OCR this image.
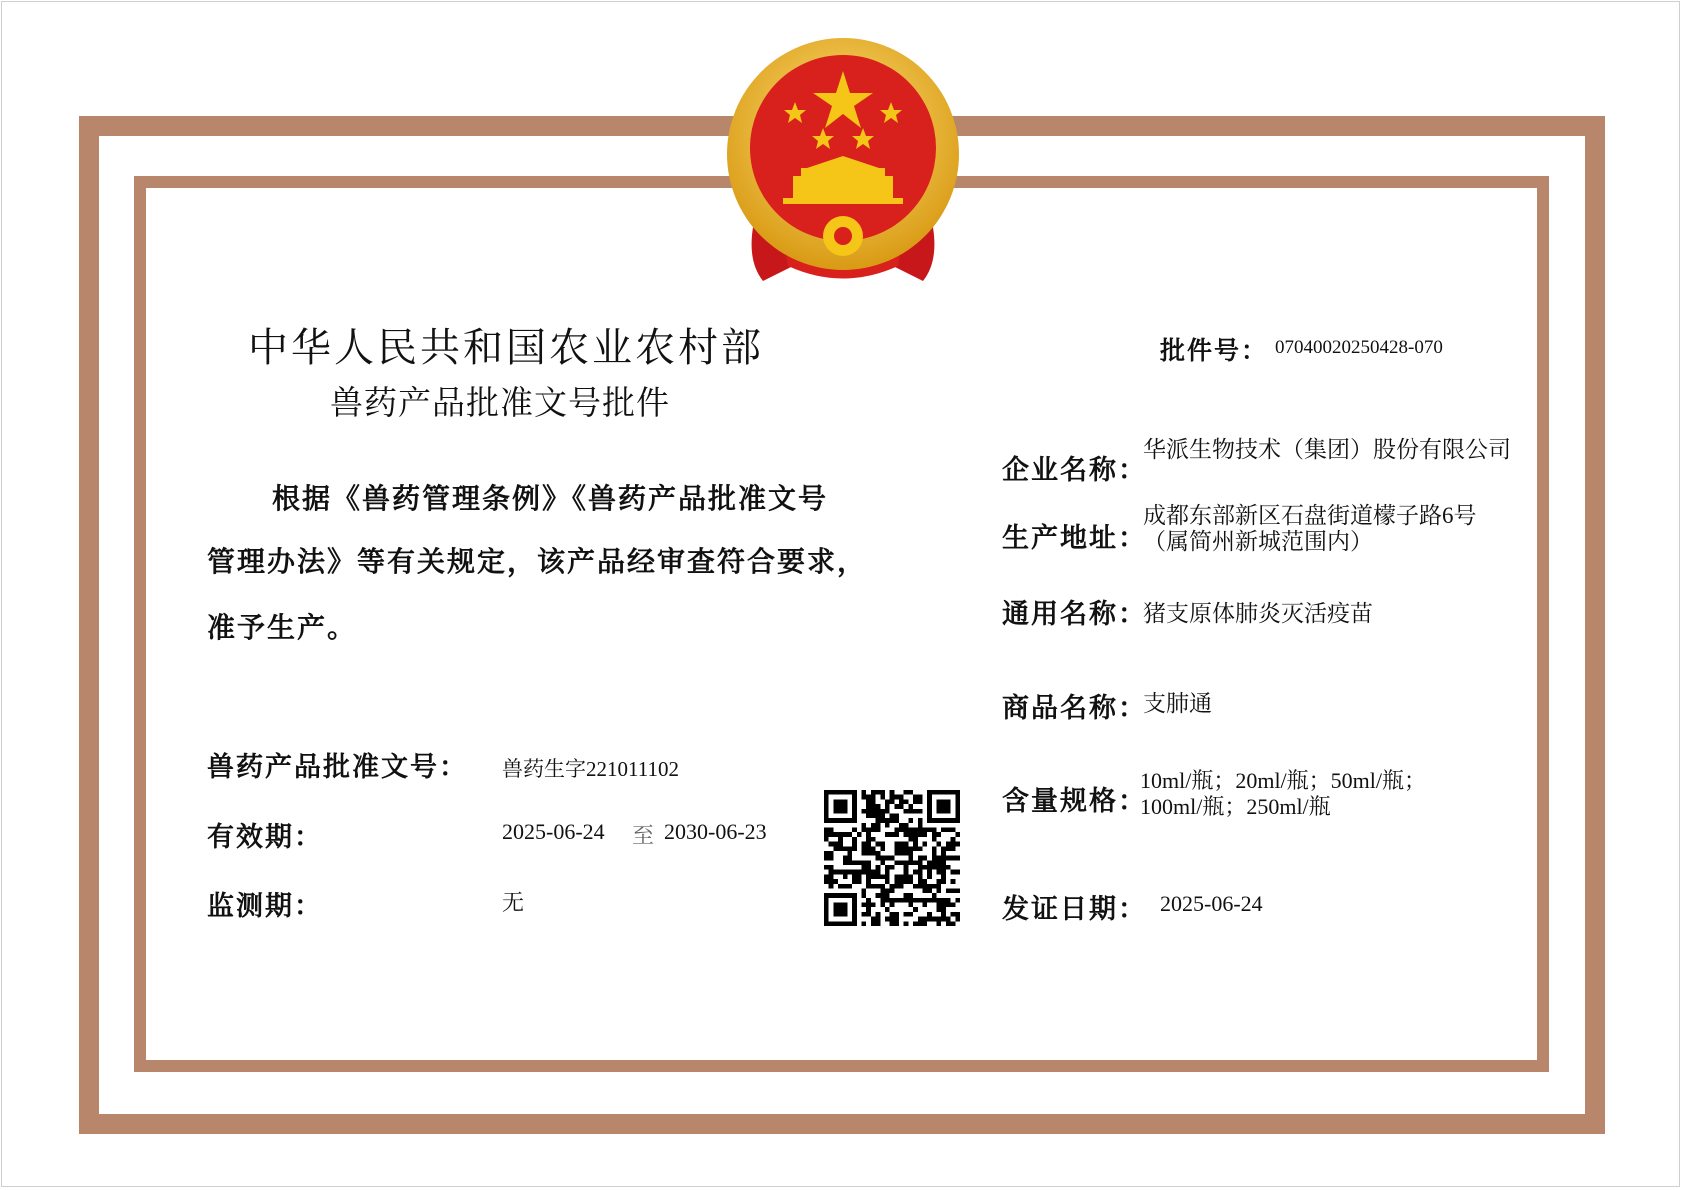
中华人民共和国农业农村部
兽药产品批准文号批件
批件号： 07040020250428-070
根据《兽药管理条例》《兽药产品批准文号
管理办法》等有关规定，该产品经审查符合要求，
准予生产。
兽药产品批准文号： 兽药生字221011102
有效期：	2025-06-24 至 2030-06-23
监测期：	无
企业名称：
华派生物技术（集团）股份有限公司
生产地址：
成都东部新区石盘街道檬子路6号（属简州新城范围内）
通用名称：
猪支原体肺炎灭活疫苗
商品名称：
支肺通
含量规格：
10ml/瓶；20ml/瓶；50ml/瓶；100ml/瓶；250ml/瓶
发证日期： 2025-06-24
